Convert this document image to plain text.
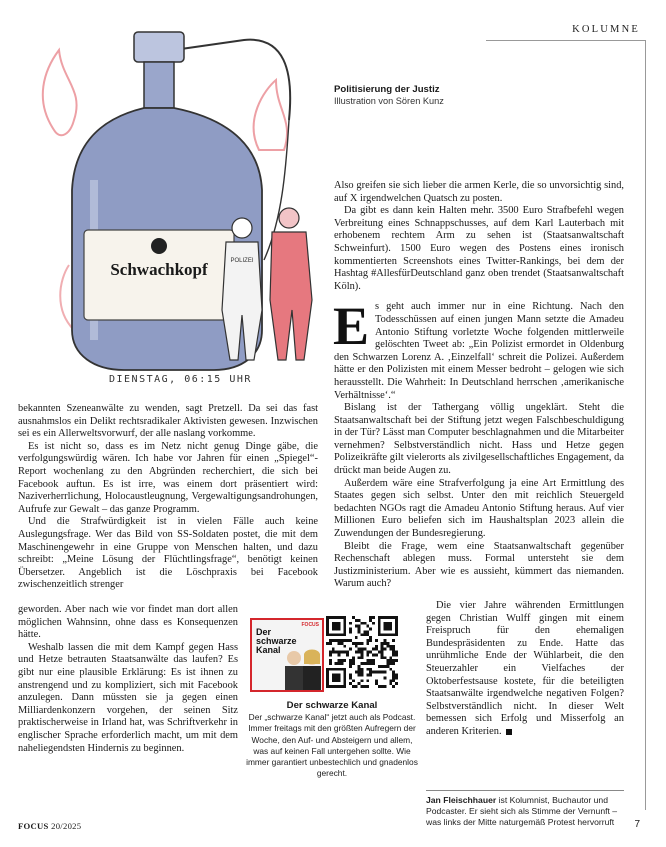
KOLUMNE
Schwachkopf	POLIZEI
DIENSTAG, 06:15 UHR
Politisierung der Justiz
Illustration von Sören Kunz

bekannten Szeneanwälte zu wenden, sagt Pretzell. Da sei das fast ausnahmslos ein Delikt rechtsradikaler Aktivisten gewesen. Inzwischen sei es ein Allerweltsvorwurf, der alle naslang vorkomme.

Es ist nicht so, dass es im Netz nicht genug Dinge gäbe, die verfolgungswürdig wären. Ich habe vor Jahren für einen „Spiegel“-Report wochenlang zu den Abgründen recherchiert, die sich bei Facebook auftun. Es ist irre, was einem dort präsentiert wird: Naziverherrlichung, Holocaustleugnung, Vergewaltigungsandrohungen, Aufrufe zur Gewalt – das ganze Programm.

Und die Strafwürdigkeit ist in vielen Fälle auch keine Auslegungsfrage. Wer das Bild von SS-Soldaten postet, die mit dem Maschinengewehr in eine Gruppe von Menschen halten, und dazu schreibt: „Meine Lösung der Flüchtlingsfrage“, benötigt keinen Übersetzer. Angeblich ist die Löschpraxis bei Facebook zwischenzeitlich strenger

geworden. Aber nach wie vor findet man dort allen möglichen Wahnsinn, ohne dass es Konsequenzen hätte.

Weshalb lassen die mit dem Kampf gegen Hass und Hetze betrauten Staatsanwälte das laufen? Es gibt nur eine plausible Erklärung: Es ist ihnen zu anstrengend und zu kompliziert, sich mit Facebook anzulegen. Dann müssten sie ja gegen einen Milliardenkonzern vorgehen, der seinen Sitz praktischerweise in Irland hat, was Schriftverkehr in englischer Sprache erforderlich macht, um mit dem naheliegendsten Hindernis zu beginnen.

Also greifen sie sich lieber die armen Kerle, die so unvorsichtig sind, auf X irgendwelchen Quatsch zu posten.

Da gibt es dann kein Halten mehr. 3500 Euro Strafbefehl wegen Verbreitung eines Schnappschusses, auf dem Karl Lauterbach mit erhobenem rechtem Arm zu sehen ist (Staatsanwaltschaft Schweinfurt). 1500 Euro wegen des Postens eines ironisch kommentierten Screenshots eines Twitter-Rankings, bei dem der Hashtag #AllesfürDeutschland ganz oben trendet (Staatsanwaltschaft Köln).

Es geht auch immer nur in eine Richtung. Nach den Todesschüssen auf einen jungen Mann setzte die Amadeu Antonio Stiftung vorletzte Woche folgenden mittlerweile gelöschten Tweet ab: „Ein Polizist ermordet in Oldenburg den Schwarzen Lorenz A. ‚Einzelfall‘ schreit die Polizei. Außerdem hätte er den Polizisten mit einem Messer bedroht – gelogen wie sich herausstellt. Die Wahrheit: In Deutschland herrschen ‚amerikanische Verhältnisse‘.“

Bislang ist der Tathergang völlig ungeklärt. Steht die Staatsanwaltschaft bei der Stiftung jetzt wegen Falschbeschuldigung in der Tür? Lässt man Computer beschlagnahmen und die Mitarbeiter vernehmen? Selbstverständlich nicht. Hass und Hetze gegen Polizeikräfte gilt vielerorts als zivilgesellschaftliches Engagement, da drückt man beide Augen zu.

Außerdem wäre eine Strafverfolgung ja eine Art Ermittlung des Staates gegen sich selbst. Unter den mit reichlich Steuergeld bedachten NGOs ragt die Amadeu Antonio Stiftung heraus. Auf vier Millionen Euro beliefen sich im Haushaltsplan 2023 allein die Zuwendungen der Bundesregierung.

Bleibt die Frage, wem eine Staatsanwaltschaft gegenüber Rechenschaft ablegen muss. Formal untersteht sie dem Justizministerium. Aber wie es aussieht, kümmert das niemanden. Warum auch?

Die vier Jahre währenden Ermittlungen gegen Christian Wulff gingen mit einem Freispruch für den ehemaligen Bundespräsidenten zu Ende. Hatte das unrühmliche Ende der Wühlarbeit, die den Steuerzahler ein Vielfaches der Oktoberfestsause kostete, für die beteiligten Staatsanwälte irgendwelche negativen Folgen? Selbstverständlich nicht. In dieser Welt bemessen sich Erfolg und Misserfolg an anderen Kriterien.

FOCUS
Der schwarze Kanal
Der schwarze Kanal
Der „schwarze Kanal“ jetzt auch als Podcast. Immer freitags mit den größten Aufregern der Woche, den Auf- und Absteigern und allem, was auf keinen Fall untergehen sollte. Wie immer garantiert unbestechlich und gnadenlos gerecht.
Jan Fleischhauer ist Kolumnist, Buchautor und Podcaster. Er sieht sich als Stimme der Vernunft – was links der Mitte naturgemäß Protest hervorruft
FOCUS 20/2025	7
